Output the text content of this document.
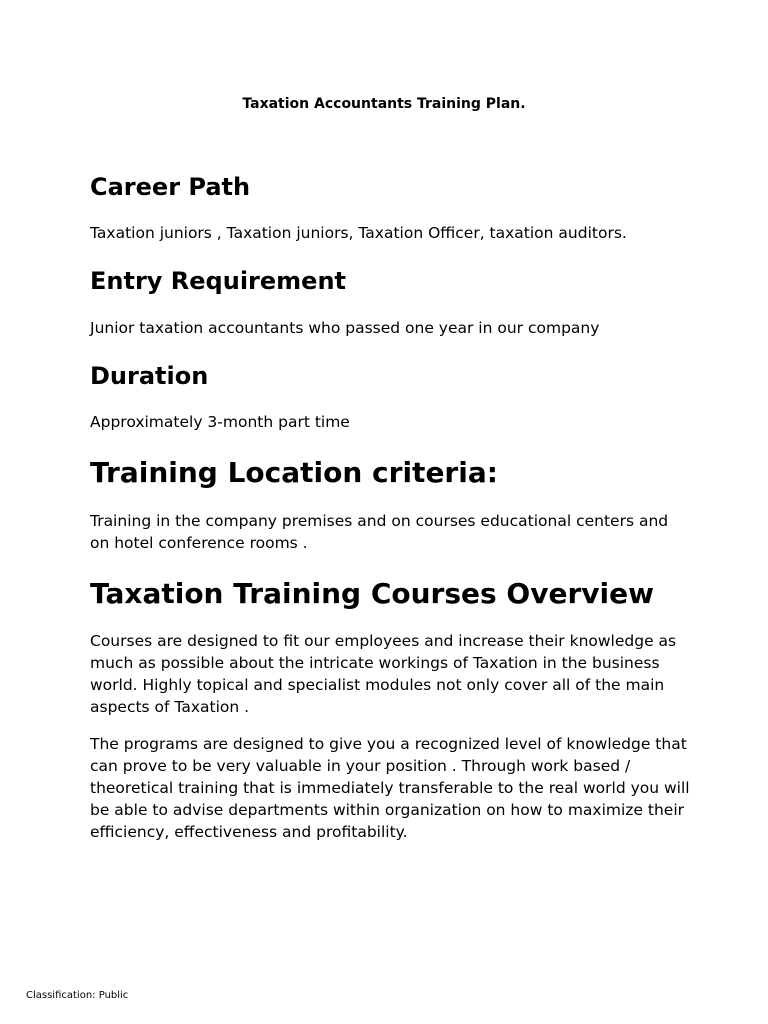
Taxation Accountants Training Plan.

Career Path

Taxation juniors , Taxation juniors, Taxation Officer, taxation auditors.

Entry Requirement

Junior taxation accountants who passed one year in our company

Duration

Approximately 3-month part time

Training Location criteria:

Training in the company premises and on courses educational centers and on hotel conference rooms .

Taxation Training Courses Overview

Courses are designed to fit our employees and increase their knowledge as much as possible about the intricate workings of Taxation in the business world. Highly topical and specialist modules not only cover all of the main aspects of Taxation .

The programs are designed to give you a recognized level of knowledge that can prove to be very valuable in your position . Through work based / theoretical training that is immediately transferable to the real world you will be able to advise departments within organization on how to maximize their efficiency, effectiveness and profitability.

Classification: Public
